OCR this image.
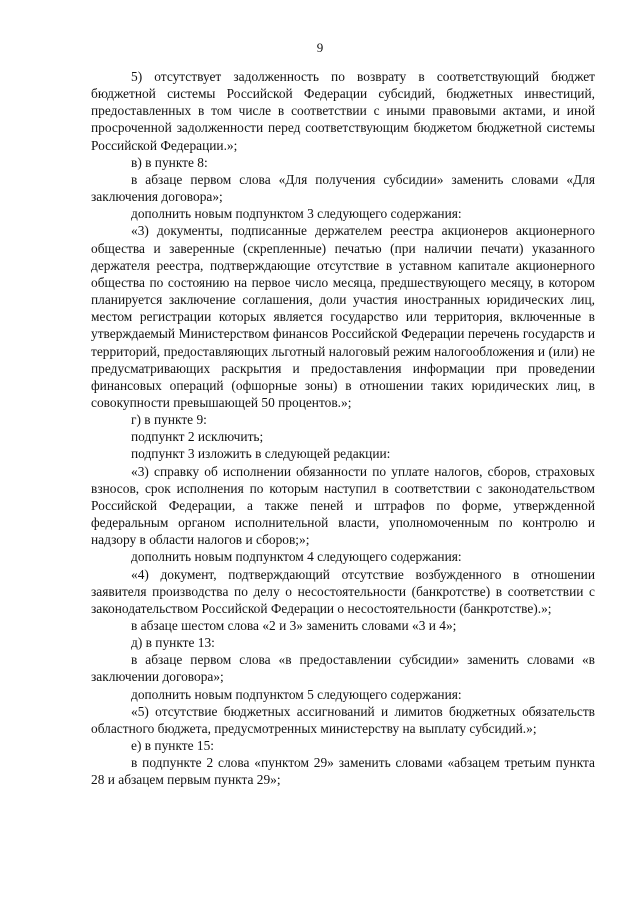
9

5) отсутствует задолженность по возврату в соответствующий бюджет бюджетной системы Российской Федерации субсидий, бюджетных инвестиций, предоставленных в том числе в соответствии с иными правовыми актами, и иной просроченной задолженности перед соответствующим бюджетом бюджетной системы Российской Федерации.»;

в) в пункте 8:

в абзаце первом слова «Для получения субсидии» заменить словами «Для заключения договора»;

дополнить новым подпунктом 3 следующего содержания:

«3) документы, подписанные держателем реестра акционеров акционерного общества и заверенные (скрепленные) печатью (при наличии печати) указанного держателя реестра, подтверждающие отсутствие в уставном капитале акционерного общества по состоянию на первое число месяца, предшествующего месяцу, в котором планируется заключение соглашения, доли участия иностранных юридических лиц, местом регистрации которых является государство или территория, включенные в утверждаемый Министерством финансов Российской Федерации перечень государств и территорий, предоставляющих льготный налоговый режим налогообложения и (или) не предусматривающих раскрытия и предоставления информации при проведении финансовых операций (офшорные зоны) в отношении таких юридических лиц, в совокупности превышающей 50 процентов.»;

г) в пункте 9:

подпункт 2 исключить;

подпункт 3 изложить в следующей редакции:

«3) справку об исполнении обязанности по уплате налогов, сборов, страховых взносов, срок исполнения по которым наступил в соответствии с законодательством Российской Федерации, а также пеней и штрафов по форме, утвержденной федеральным органом исполнительной власти, уполномоченным по контролю и надзору в области налогов и сборов;»;

дополнить новым подпунктом 4 следующего содержания:

«4) документ, подтверждающий отсутствие возбужденного в отношении заявителя производства по делу о несостоятельности (банкротстве) в соответствии с законодательством Российской Федерации о несостоятельности (банкротстве).»;

в абзаце шестом слова «2 и 3» заменить словами «3 и 4»;

д) в пункте 13:

в абзаце первом слова «в предоставлении субсидии» заменить словами «в заключении договора»;

дополнить новым подпунктом 5 следующего содержания:

«5) отсутствие бюджетных ассигнований и лимитов бюджетных обязательств областного бюджета, предусмотренных министерству на выплату субсидий.»;

е) в пункте 15:

в подпункте 2 слова «пунктом 29» заменить словами «абзацем третьим пункта 28 и абзацем первым пункта 29»;
